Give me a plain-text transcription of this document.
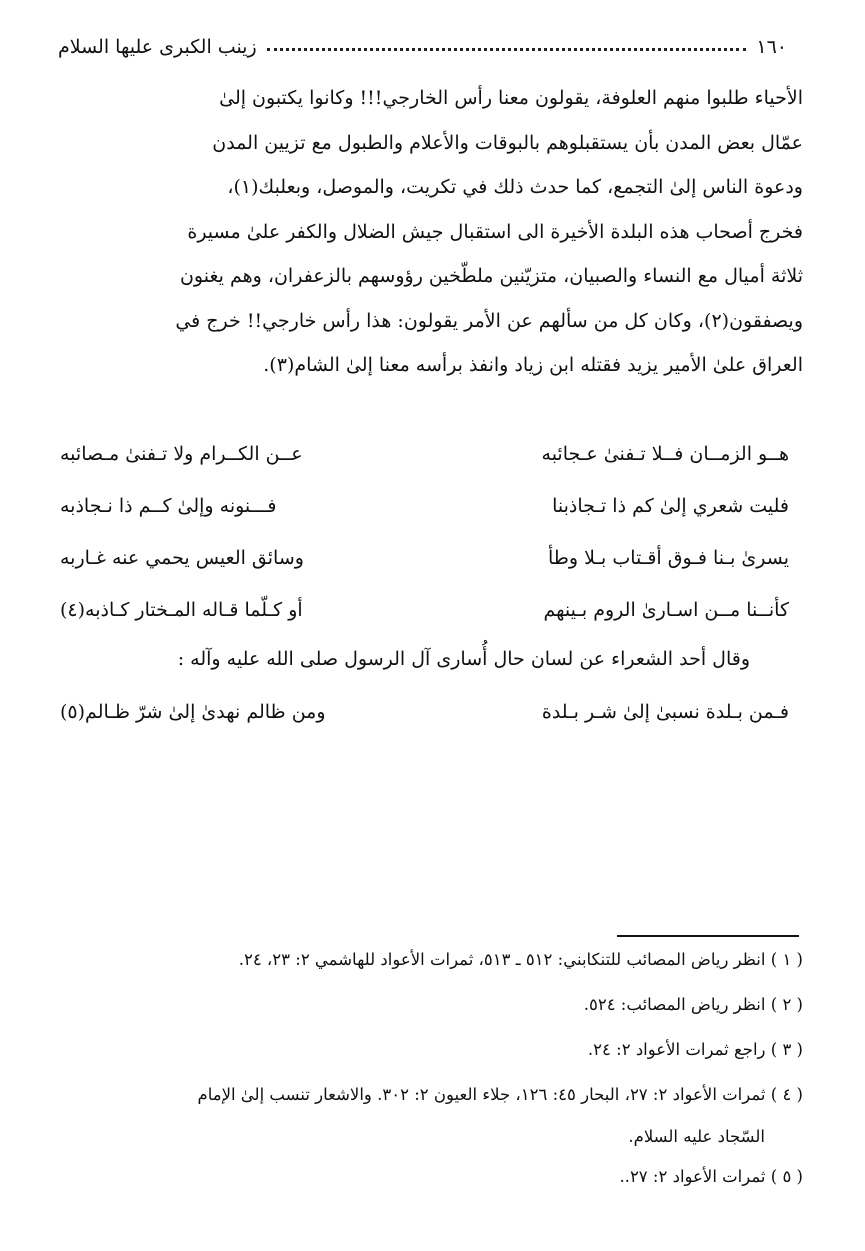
١٦٠
زينب الكبرى عليها السلام

الأحياء طلبوا منهم العلوفة، يقولون معنا رأس الخارجي!!! وكانوا يكتبون إلىٰ

عمّال بعض المدن بأن يستقبلوهم بالبوقات والأعلام والطبول مع تزيين المدن

ودعوة الناس إلىٰ التجمع، كما حدث ذلك في تكريت، والموصل، وبعلبك(١)،

فخرج أصحاب هذه البلدة الأخيرة الى استقبال جيش الضلال والكفر علىٰ مسيرة

ثلاثة أميال مع النساء والصبيان، متزيّنين ملطّخين رؤوسهم بالزعفران، وهم يغنون

ويصفقون(٢)، وكان كل من سألهم عن الأمر يقولون: هذا رأس خارجي!! خرج في

العراق علىٰ الأمير يزيد فقتله ابن زياد وانفذ برأسه معنا إلىٰ الشام(٣).

هــو الزمــان فــلا تـفنىٰ عـجائبه
عــن الكــرام ولا تـفنىٰ مـصائبه
فليت شعري إلىٰ كم ذا تـجاذبنا
فـــنونه وإلىٰ كــم ذا نـجاذبه
يسرىٰ بـنا فـوق أقـتاب بـلا وطأ
وسائق العيس يحمي عنه غـاربه
كأنــنا مــن اسـارىٰ الروم بـينهم
أو كـلّما قـاله المـختار كـاذبه(٤)
وقال أحد الشعراء عن لسان حال أُسارى آل الرسول صلى الله عليه وآله :
فـمن بـلدة نسبىٰ إلىٰ شـر بـلدة
ومن ظالم نهدىٰ إلىٰ شرّ ظـالم(٥)
( ١ ) انظر رياض المصائب للتنكابني: ٥١٢ ـ ٥١٣، ثمرات الأعواد للهاشمي ٢: ٢٣، ٢٤.
( ٢ ) انظر رياض المصائب: ٥٢٤.
( ٣ ) راجع ثمرات الأعواد ٢: ٢٤.
( ٤ ) ثمرات الأعواد ٢: ٢٧، البحار ٤٥: ١٢٦، جلاء العيون ٢: ٣٠٢. والاشعار تنسب إلىٰ الإمام
السّجاد عليه السلام.
( ٥ ) ثمرات الأعواد ٢: ٢٧..
